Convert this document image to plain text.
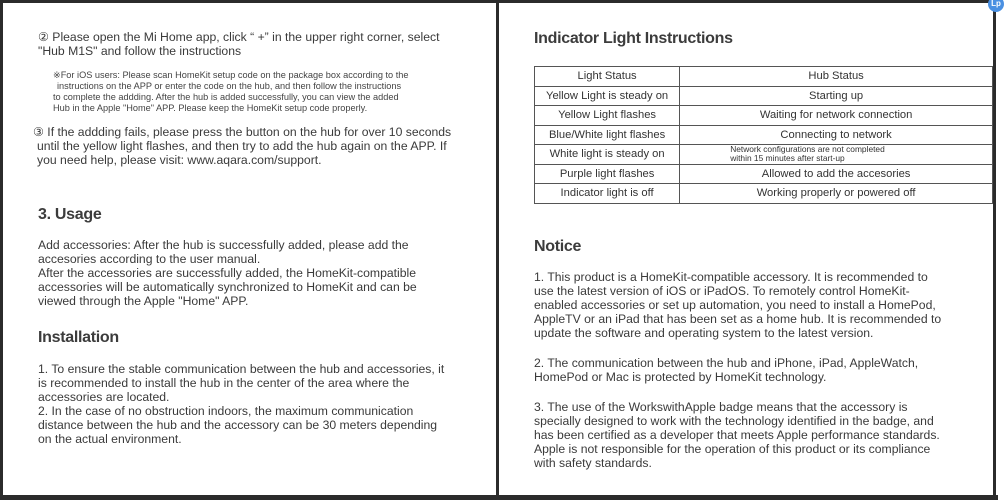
Lp
② Please open the Mi Home app, click “ +” in the upper right corner, select
"Hub M1S" and follow the instructions
※For iOS users: Please scan HomeKit setup code on the package box according to the
instructions on the APP or enter the code on the hub, and then follow the instructions
to complete the addding. After the hub is added successfully, you can view the added
Hub in the Apple "Home" APP. Please keep the HomeKit setup code properly.
③ If the addding fails, please press the button on the hub for over 10 seconds
until the yellow light flashes, and then try to add the hub again on the APP. If
you need help, please visit: www.aqara.com/support.
3. Usage
Add accessories: After the hub is successfully added, please add the
accesories according to the user manual.
After the accessories are successfully added, the HomeKit-compatible
accessories will be automatically synchronized to HomeKit and can be
viewed through the Apple "Home" APP.
Installation
1. To ensure the stable communication between the hub and accessories, it
is recommended to install the hub in the center of the area where the
accessories are located.
2. In the case of no obstruction indoors, the maximum communication
distance between the hub and the accessory can be 30 meters depending
on the actual environment.
Indicator Light Instructions
Light Status	Hub Status
Yellow Light is steady on	Starting up
Yellow Light flashes	Waiting for network connection
Blue/White light flashes	Connecting to network
White light is steady on	Network configurations are not completed
within 15 minutes after start-up

Purple light flashes	Allowed to add the accesories
Indicator light is off	Working properly or powered off
Notice
1. This product is a HomeKit-compatible accessory. It is recommended to
use the latest version of iOS or iPadOS. To remotely control HomeKit-
enabled accessories or set up automation, you need to install a HomePod,
AppleTV or an iPad that has been set as a home hub. It is recommended to
update the software and operating system to the latest version.
2. The communication between the hub and iPhone, iPad, AppleWatch,
HomePod or Mac is protected by HomeKit technology.
3. The use of the WorkswithApple badge means that the accessory is
specially designed to work with the technology identified in the badge, and
has been certified as a developer that meets Apple performance standards.
Apple is not responsible for the operation of this product or its compliance
with safety standards.
